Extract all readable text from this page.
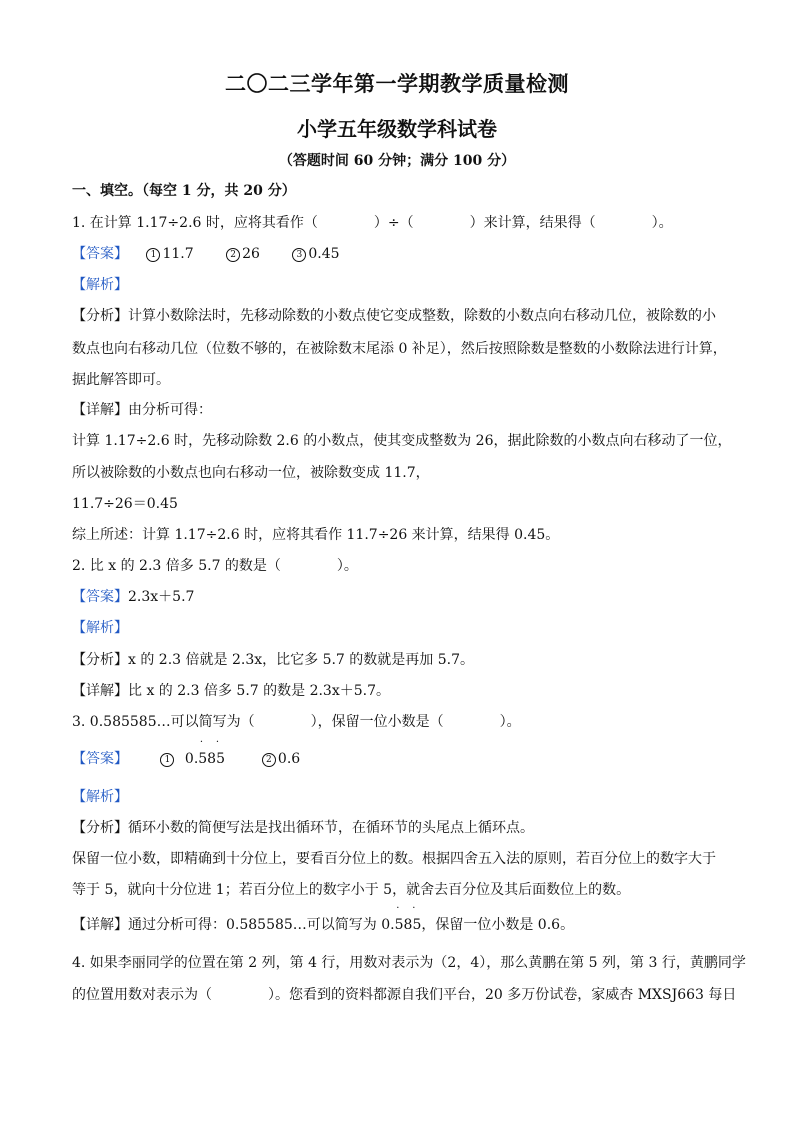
二〇二三学年第一学期教学质量检测
小学五年级数学科试卷
（答题时间 60 分钟；满分 100 分）
一、填空。（每空 1 分，共 20 分）
1. 在计算 1.17÷2.6 时，应将其看作（　　　　）÷（　　　　）来计算，结果得（　　　　）。
【答案】	1 11.7	2 26	3 0.45
【解析】
【分析】计算小数除法时，先移动除数的小数点使它变成整数，除数的小数点向右移动几位，被除数的小
数点也向右移动几位（位数不够的，在被除数末尾添 0 补足），然后按照除数是整数的小数除法进行计算，
据此解答即可。
【详解】由分析可得：
计算 1.17÷2.6 时，先移动除数 2.6 的小数点，使其变成整数为 26，据此除数的小数点向右移动了一位，
所以被除数的小数点也向右移动一位，被除数变成 11.7，
11.7÷26＝0.45
综上所述：计算 1.17÷2.6 时，应将其看作 11.7÷26 来计算，结果得 0.45。
2. 比 x 的 2.3 倍多 5.7 的数是（　　　　）。
【答案】2.3x＋5.7
【解析】
【分析】x 的 2.3 倍就是 2.3x，比它多 5.7 的数就是再加 5.7。
【详解】比 x 的 2.3 倍多 5.7 的数是 2.3x＋5.7。
3. 0.585585…可以简写为（　　　　），保留一位小数是（　　　　）。
【答案】	1 0.585
· ·
2 0.6
【解析】
【分析】循环小数的简便写法是找出循环节，在循环节的头尾点上循环点。
保留一位小数，即精确到十分位上，要看百分位上的数。根据四舍五入法的原则，若百分位上的数字大于
等于 5，就向十分位进 1；若百分位上的数字小于 5，就舍去百分位及其后面数位上的数。
【详解】通过分析可得：0.585585…可以简写为 0.585
· ·
，保留一位小数是 0.6。
4. 如果李丽同学的位置在第 2 列，第 4 行，用数对表示为（2，4），那么黄鹏在第 5 列，第 3 行，黄鹏同学
的位置用数对表示为（　　　　）。您看到的资料都源自我们平台，20 多万份试卷，家威杏 MXSJ663 每日
